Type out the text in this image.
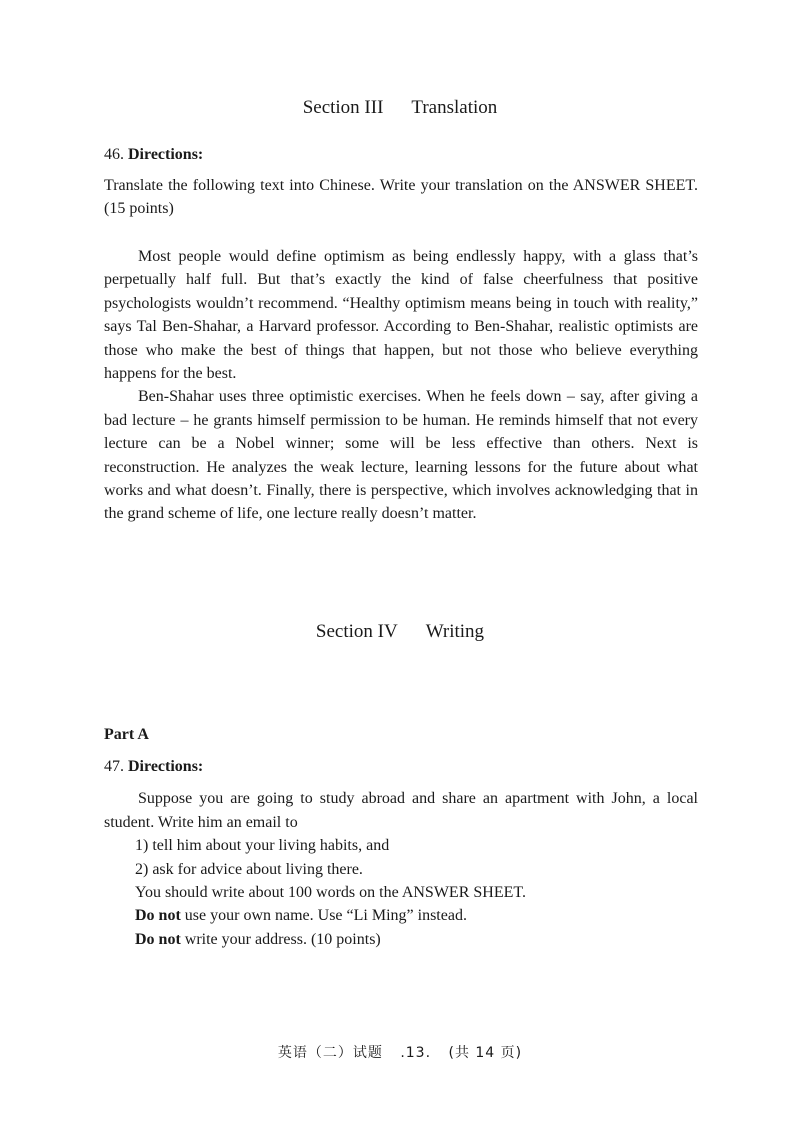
Section III Translation
46. Directions:

Translate the following text into Chinese. Write your translation on the ANSWER SHEET.(15 points)

Most people would define optimism as being endlessly happy, with a glass that’s perpetually half full. But that’s exactly the kind of false cheerfulness that positive psychologists wouldn’t recommend. “Healthy optimism means being in touch with reality,” says Tal Ben-Shahar, a Harvard professor. According to Ben-Shahar, realistic optimists are those who make the best of things that happen, but not those who believe everything happens for the best.

Ben-Shahar uses three optimistic exercises. When he feels down – say, after giving a bad lecture – he grants himself permission to be human. He reminds himself that not every lecture can be a Nobel winner; some will be less effective than others. Next is reconstruction. He analyzes the weak lecture, learning lessons for the future about what works and what doesn’t. Finally, there is perspective, which involves acknowledging that in the grand scheme of life, one lecture really doesn’t matter.

Section IV Writing
Part A
47. Directions:

Suppose you are going to study abroad and share an apartment with John, a local student. Write him an email to

1) tell him about your living habits, and
2) ask for advice about living there.
You should write about 100 words on the ANSWER SHEET.
Do not use your own name. Use “Li Ming” instead.
Do not write your address. (10 points)
英语（二）试题 .13. (共 14 页)
